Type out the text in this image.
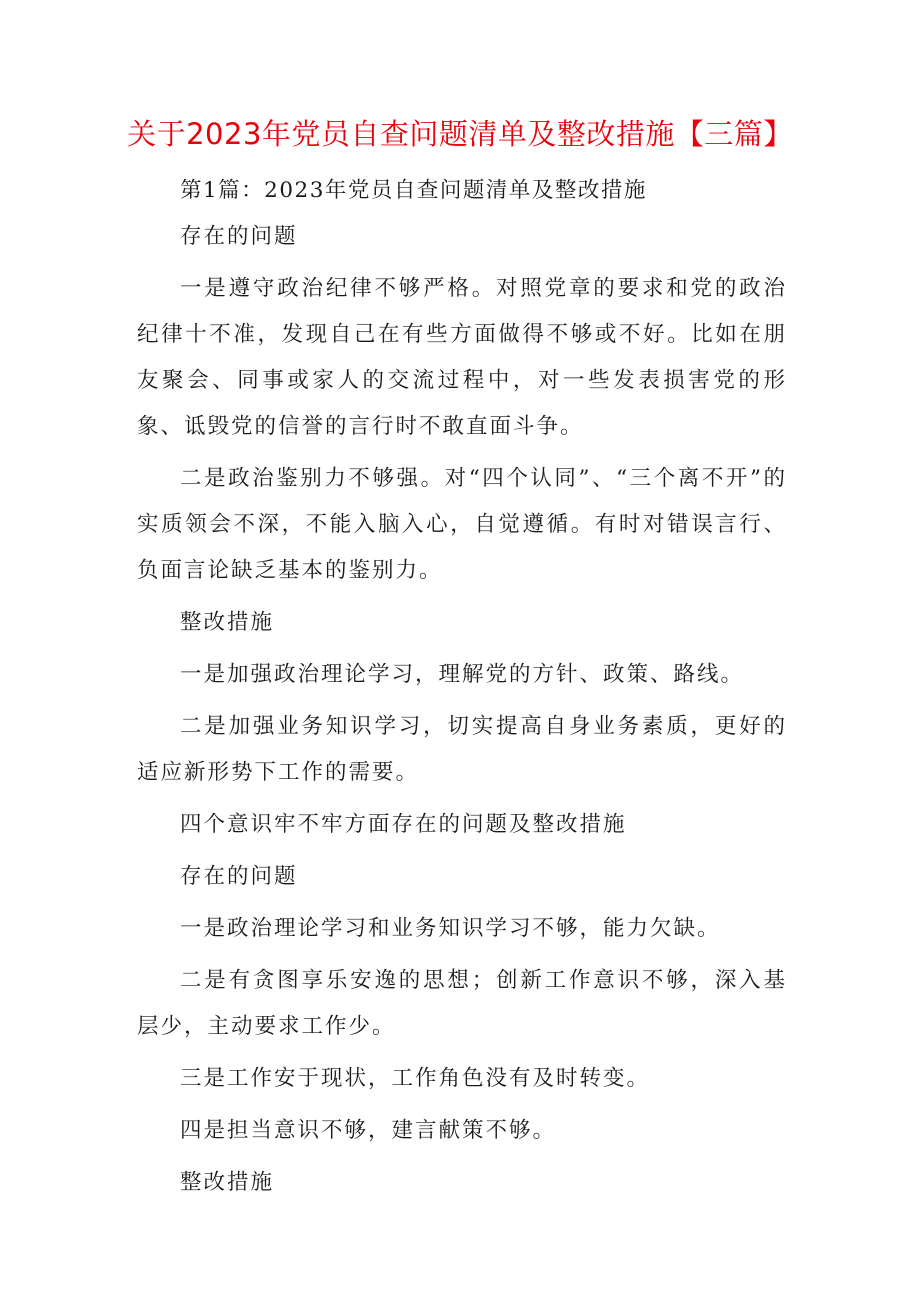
关于2023年党员自查问题清单及整改措施【三篇】

第1篇：2023年党员自查问题清单及整改措施

存在的问题

一是遵守政治纪律不够严格。对照党章的要求和党的政治纪律十不准，发现自己在有些方面做得不够或不好。比如在朋友聚会、同事或家人的交流过程中，对一些发表损害党的形象、诋毁党的信誉的言行时不敢直面斗争。

二是政治鉴别力不够强。对“四个认同”、“三个离不开”的实质领会不深，不能入脑入心，自觉遵循。有时对错误言行、负面言论缺乏基本的鉴别力。

整改措施

一是加强政治理论学习，理解党的方针、政策、路线。

二是加强业务知识学习，切实提高自身业务素质，更好的适应新形势下工作的需要。

四个意识牢不牢方面存在的问题及整改措施

存在的问题

一是政治理论学习和业务知识学习不够，能力欠缺。

二是有贪图享乐安逸的思想；创新工作意识不够，深入基层少，主动要求工作少。

三是工作安于现状，工作角色没有及时转变。

四是担当意识不够，建言献策不够。

整改措施
